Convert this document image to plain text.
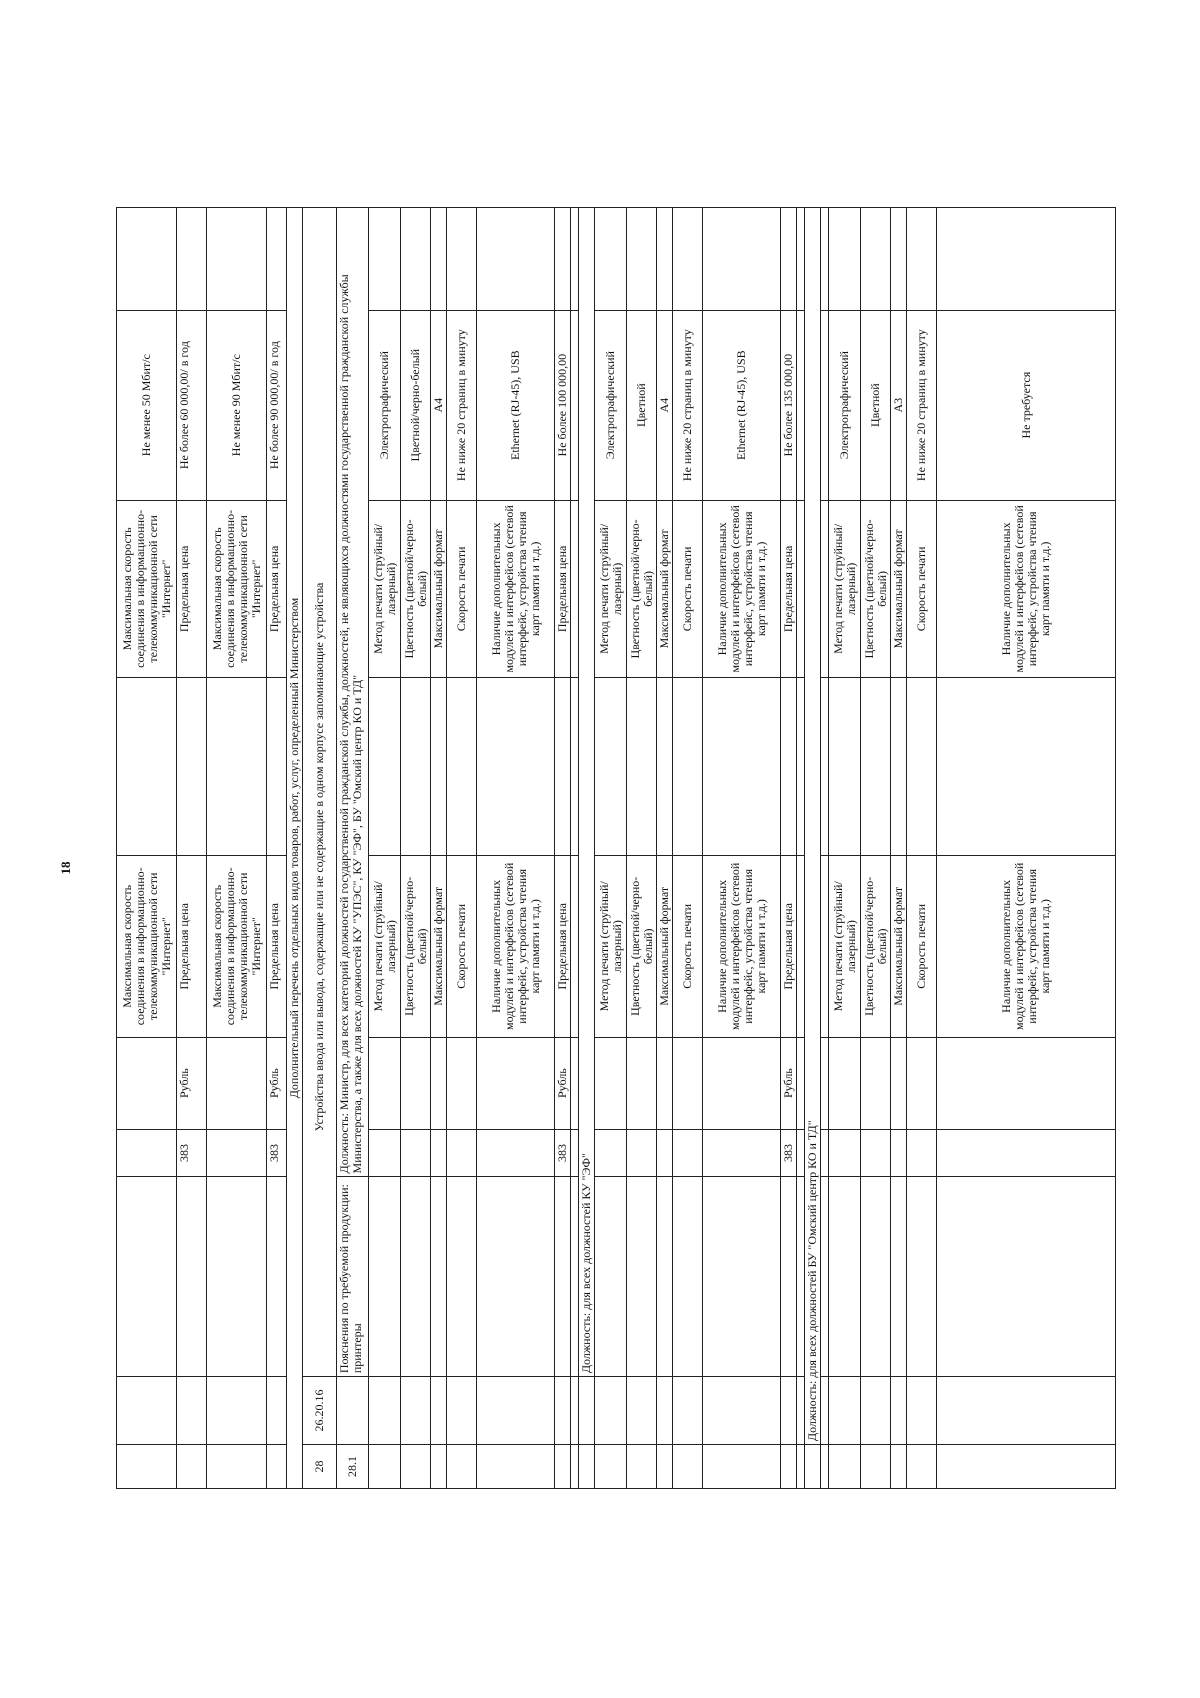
18
Максимальная скорость соединения в информационно-телекоммуникационной сети "Интернет"
Максимальная скорость соединения в информационно-телекоммуникационной сети "Интернет"
Не менее 50 Мбит/с
383
Рубль
Предельная цена
Предельная цена
Не более 60 000,00/ в год
Максимальная скорость соединения в информационно-телекоммуникационной сети "Интернет"
Максимальная скорость соединения в информационно-телекоммуникационной сети "Интернет"
Не менее 90 Мбит/с
383
Рубль
Предельная цена
Предельная цена
Не более 90 000,00/ в год
Дополнительный перечень отдельных видов товаров, работ, услуг, определенный Министерством
28
26.20.16
Устройства ввода или вывода, содержащие или не содержащие в одном корпусе запоминающие устройства
28.1
Пояснения по требуемой продукции: принтеры
Должность: Министр, для всех категорий должностей государственной гражданской службы, должностей, не являющихся должностями государственной гражданской службы Министерства, а также для всех должностей КУ "УПЭС", КУ "ЭФ", БУ "Омский центр КО и ТД" Метод печати (струйный/лазерный)
Метод печати (струйный/лазерный)
Электрографический
Цветность (цветной/черно-белый)
Цветность (цветной/черно-белый)
Цветной/черно-белый
Максимальный формат
Максимальный формат
А4
Скорость печати
Скорость печати
Не ниже 20 страниц в минуту
Наличие дополнительных модулей и интерфейсов (сетевой интерфейс, устройства чтения карт памяти и т.д.)
Наличие дополнительных модулей и интерфейсов (сетевой интерфейс, устройства чтения карт памяти и т.д.)
Ethernet (RJ-45), USB
383
Рубль
Предельная цена
Предельная цена
Не более 100 000,00
Должность: для всех должностей КУ "ЭФ"
Метод печати (струйный/лазерный)
Метод печати (струйный/лазерный)
Электрографический
Цветность (цветной/черно-белый)
Цветность (цветной/черно-белый)
Цветной
Максимальный формат
Максимальный формат
А4
Скорость печати
Скорость печати
Не ниже 20 страниц в минуту
Наличие дополнительных модулей и интерфейсов (сетевой интерфейс, устройства чтения карт памяти и т.д.)
Наличие дополнительных модулей и интерфейсов (сетевой интерфейс, устройства чтения карт памяти и т.д.)
Ethernet (RJ-45), USB
383
Рубль
Предельная цена
Предельная цена
Не более 135 000,00
Должность: для всех должностей БУ "Омский центр КО и ТД"
Метод печати (струйный/лазерный)
Метод печати (струйный/лазерный)
Электрографический
Цветность (цветной/черно-белый)
Цветность (цветной/черно-белый)
Цветной
Максимальный формат
Максимальный формат
А3
Скорость печати
Скорость печати
Не ниже 20 страниц в минуту
Наличие дополнительных модулей и интерфейсов (сетевой интерфейс, устройства чтения карт памяти и т.д.)
Наличие дополнительных модулей и интерфейсов (сетевой интерфейс, устройства чтения карт памяти и т.д.)
Не требуется
